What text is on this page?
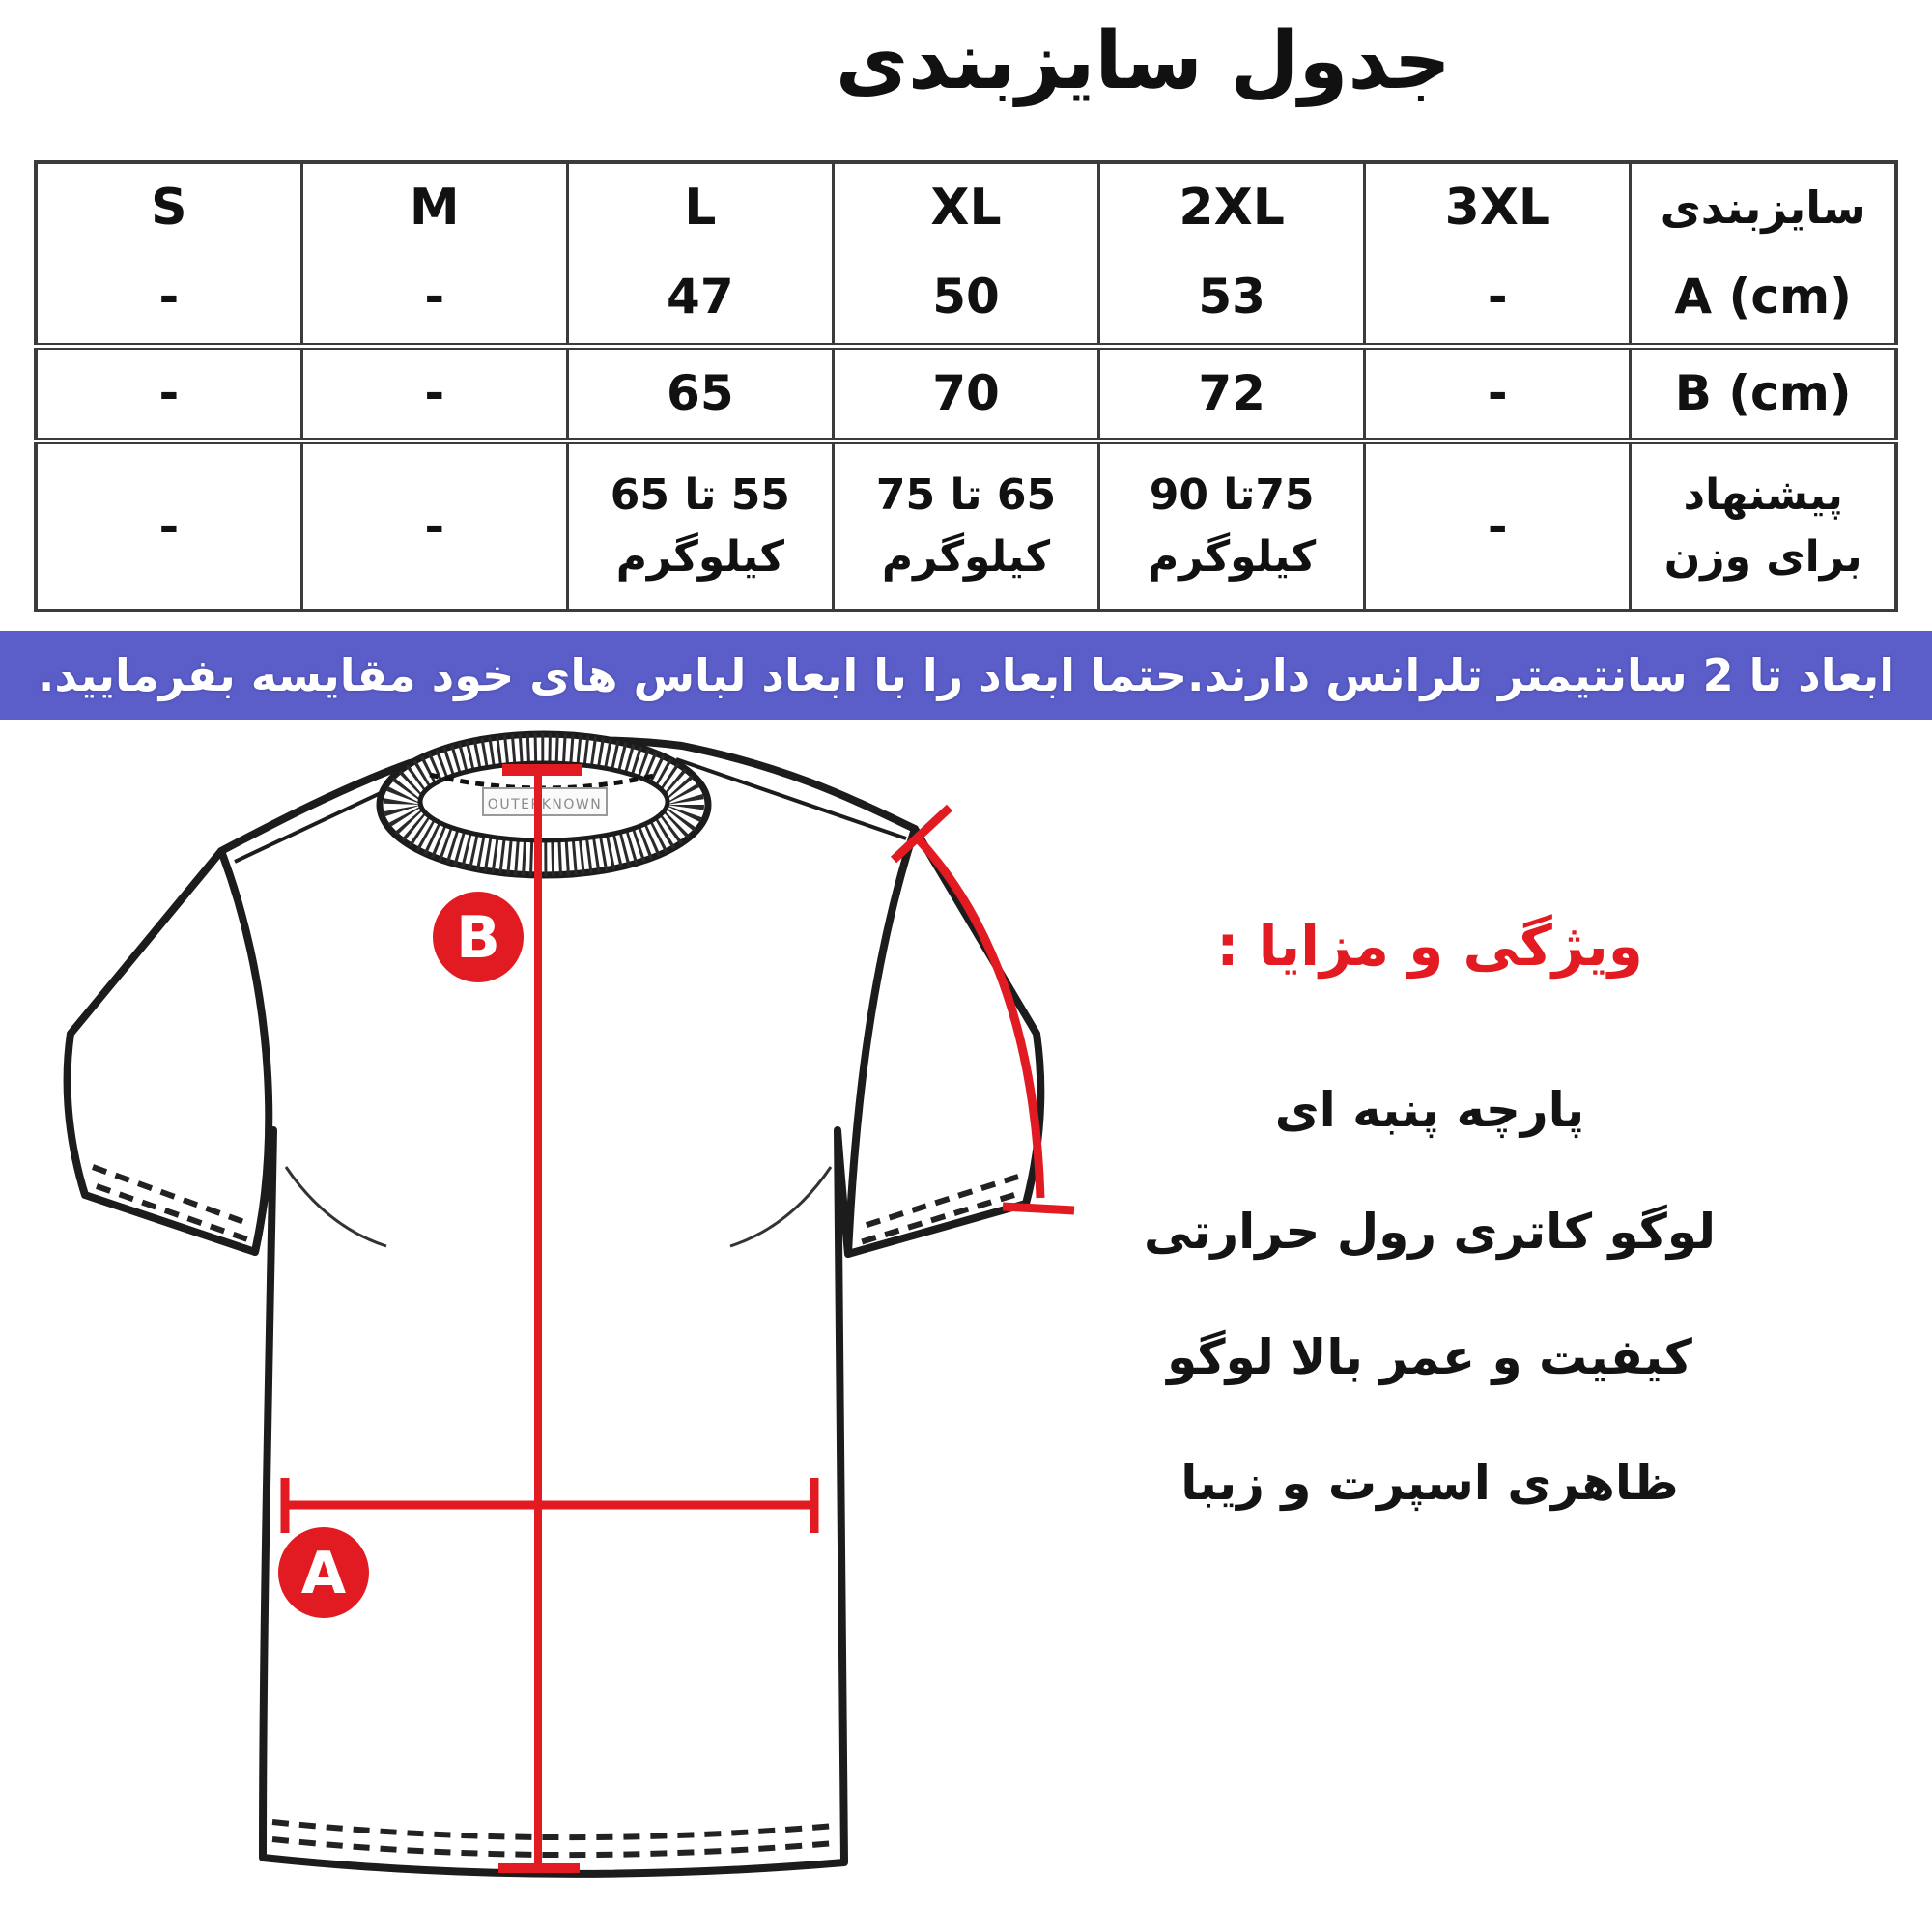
جدول سایزبندی
S	M	L	XL	2XL	3XL	سایزبندی
-	-	47	50	53	-	A (cm)
-	-	65	70	72	-	B (cm)
-	-	55 تا 65 کیلوگرم	65 تا 75 کیلوگرم	75تا 90 کیلوگرم	-	پیشنهاد برای وزن
ابعاد تا 2 سانتیمتر تلرانس دارند.حتما ابعاد را با ابعاد لباس های خود مقایسه بفرمایید.
OUTERKNOWN
B
A
ویژگی و مزایا :
پارچه پنبه ای
لوگو کاتری رول حرارتی
کیفیت و عمر بالا لوگو
ظاهری اسپرت و زیبا
